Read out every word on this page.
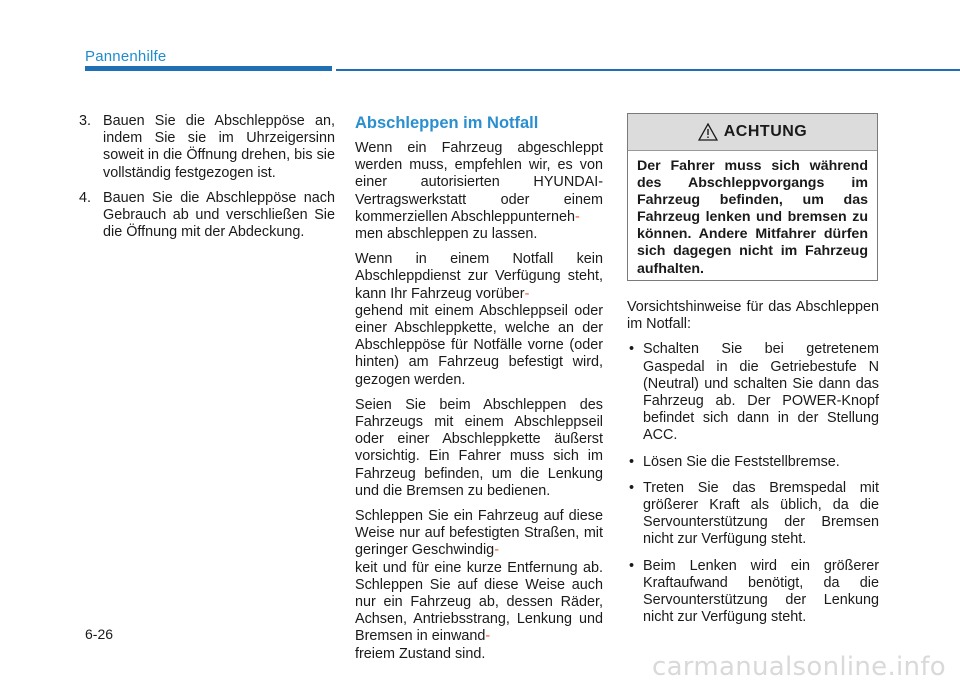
Pannenhilfe
3. Bauen Sie die Abschleppöse an, indem Sie sie im Uhrzeigersinn soweit in die Öffnung drehen, bis sie vollständig festgezogen ist.
4. Bauen Sie die Abschleppöse nach Gebrauch ab und verschließen Sie die Öffnung mit der Abdeckung.
Abschleppen im Notfall

Wenn ein Fahrzeug abgeschleppt werden muss, empfehlen wir, es von einer autorisierten HYUNDAI-Vertragswerkstatt oder einem kommerziellen Abschleppunterneh-
men abschleppen zu lassen.

Wenn in einem Notfall kein Abschleppdienst zur Verfügung steht, kann Ihr Fahrzeug vorüber-
gehend mit einem Abschleppseil oder einer Abschleppkette, welche an der Abschleppöse für Notfälle vorne (oder hinten) am Fahrzeug befestigt wird, gezogen werden.

Seien Sie beim Abschleppen des Fahrzeugs mit einem Abschleppseil oder einer Abschleppkette äußerst vorsichtig. Ein Fahrer muss sich im Fahrzeug befinden, um die Lenkung und die Bremsen zu bedienen.

Schleppen Sie ein Fahrzeug auf diese Weise nur auf befestigten Straßen, mit geringer Geschwindig-
keit und für eine kurze Entfernung ab. Schleppen Sie auf diese Weise auch nur ein Fahrzeug ab, dessen Räder, Achsen, Antriebsstrang, Lenkung und Bremsen in einwand-
freiem Zustand sind.

ACHTUNG
Der Fahrer muss sich während des Abschleppvorgangs im Fahrzeug befinden, um das Fahrzeug lenken und bremsen zu können. Andere Mitfahrer dürfen sich dagegen nicht im Fahrzeug aufhalten.

Vorsichtshinweise für das Abschleppen im Notfall:

• Schalten Sie bei getretenem Gaspedal in die Getriebestufe N (Neutral) und schalten Sie dann das Fahrzeug ab. Der POWER-Knopf befindet sich dann in der Stellung ACC.
• Lösen Sie die Feststellbremse.
• Treten Sie das Bremspedal mit größerer Kraft als üblich, da die Servounterstützung der Bremsen nicht zur Verfügung steht.
• Beim Lenken wird ein größerer Kraftaufwand benötigt, da die Servounterstützung der Lenkung nicht zur Verfügung steht.
6-26
carmanualsonline.info
